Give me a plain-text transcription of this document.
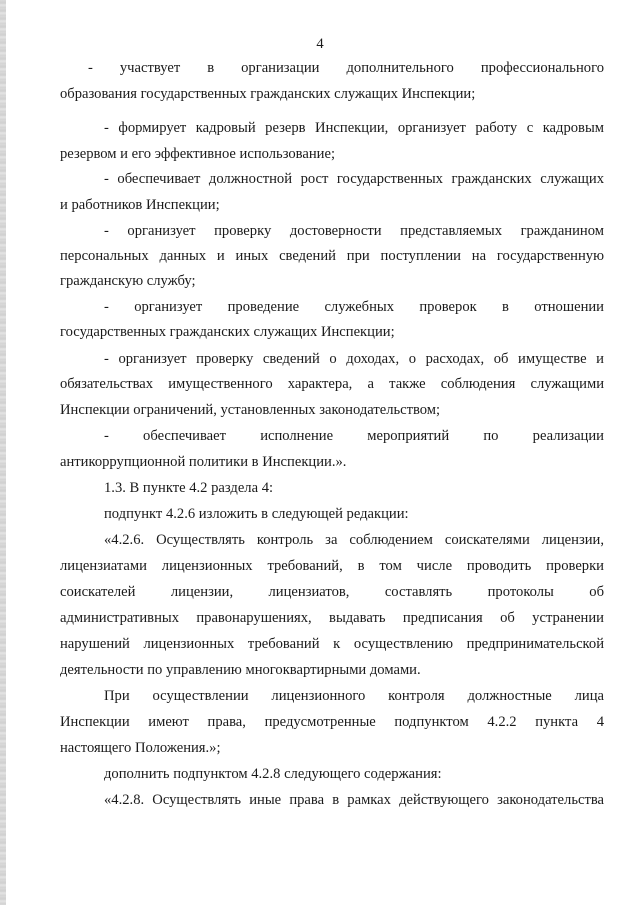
4
- участвует в организации дополнительного профессионального
образования государственных гражданских служащих Инспекции;
- формирует кадровый резерв Инспекции, организует работу с кадровым
резервом и его эффективное использование;
- обеспечивает должностной рост государственных гражданских служащих
и работников Инспекции;
- организует проверку достоверности представляемых гражданином
персональных данных и иных сведений при поступлении на государственную
гражданскую службу;
- организует проведение служебных проверок в отношении
государственных гражданских служащих Инспекции;
- организует проверку сведений о доходах, о расходах, об имуществе и
обязательствах имущественного характера, а также соблюдения служащими
Инспекции ограничений, установленных законодательством;
- обеспечивает исполнение мероприятий по реализации
антикоррупционной политики в Инспекции.».
1.3. В пункте 4.2 раздела 4:
подпункт 4.2.6 изложить в следующей редакции:
«4.2.6. Осуществлять контроль за соблюдением соискателями лицензии,
лицензиатами лицензионных требований, в том числе проводить проверки
соискателей лицензии, лицензиатов, составлять протоколы об
административных правонарушениях, выдавать предписания об устранении
нарушений лицензионных требований к осуществлению предпринимательской
деятельности по управлению многоквартирными домами.
При осуществлении лицензионного контроля должностные лица
Инспекции имеют права, предусмотренные подпунктом 4.2.2 пункта 4
настоящего Положения.»;
дополнить подпунктом 4.2.8 следующего содержания:
«4.2.8. Осуществлять иные права в рамках действующего законодательства
